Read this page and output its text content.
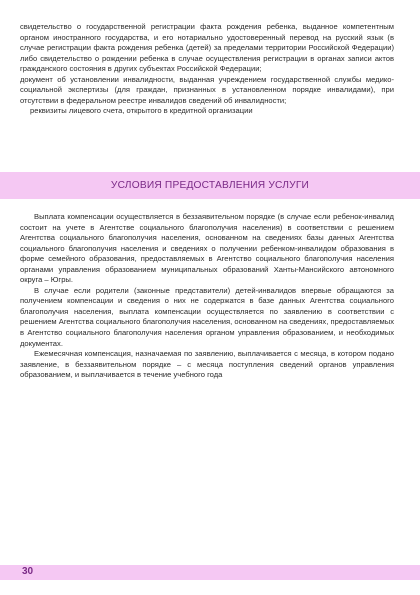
свидетельство о государственной регистрации факта рождения ребенка, выданное компетентным органом иностранного государства, и его нотариально удостоверенный перевод на русский язык (в случае регистрации факта рождения ребенка (детей) за пределами территории Российской Федерации) либо свидетельство о рождении ребенка в случае осуществления регистрации в органах записи актов гражданского состояния в других субъектах Российской Федерации;

документ об установлении инвалидности, выданная учреждением государственной службы медико-социальной экспертизы (для граждан, признанных в установленном порядке инвалидами), при отсутствии в федеральном реестре инвалидов сведений об инвалидности;

реквизиты лицевого счета, открытого в кредитной организации

УСЛОВИЯ ПРЕДОСТАВЛЕНИЯ УСЛУГИ

Выплата компенсации осуществляется в беззаявительном порядке (в случае если ребенок-инвалид состоит на учете в Агентстве социального благополучия населения) в соответствии с решением Агентства социального благополучия населения, основанном на сведениях базы данных Агентства социального благополучия населения и сведениях о получении ребенком-инвалидом образования в форме семейного образования, предоставляемых в Агентство социального благополучия населения органами управления образованием муниципальных образований Ханты-Мансийского автономного округа – Югры.

В случае если родители (законные представители) детей-инвалидов впервые обращаются за получением компенсации и сведения о них не содержатся в базе данных Агентства социального благополучия населения, выплата компенсации осуществляется по заявлению в соответствии с решением Агентства социального благополучия населения, основанном на сведениях, предоставляемых в Агентство социального благополучия населения органом управления образованием, и необходимых документах.

Ежемесячная компенсация, назначаемая по заявлению, выплачивается с месяца, в котором подано заявление, в беззаявительном порядке – с месяца поступления сведений органов управления образованием, и выплачивается в течение учебного года

30
